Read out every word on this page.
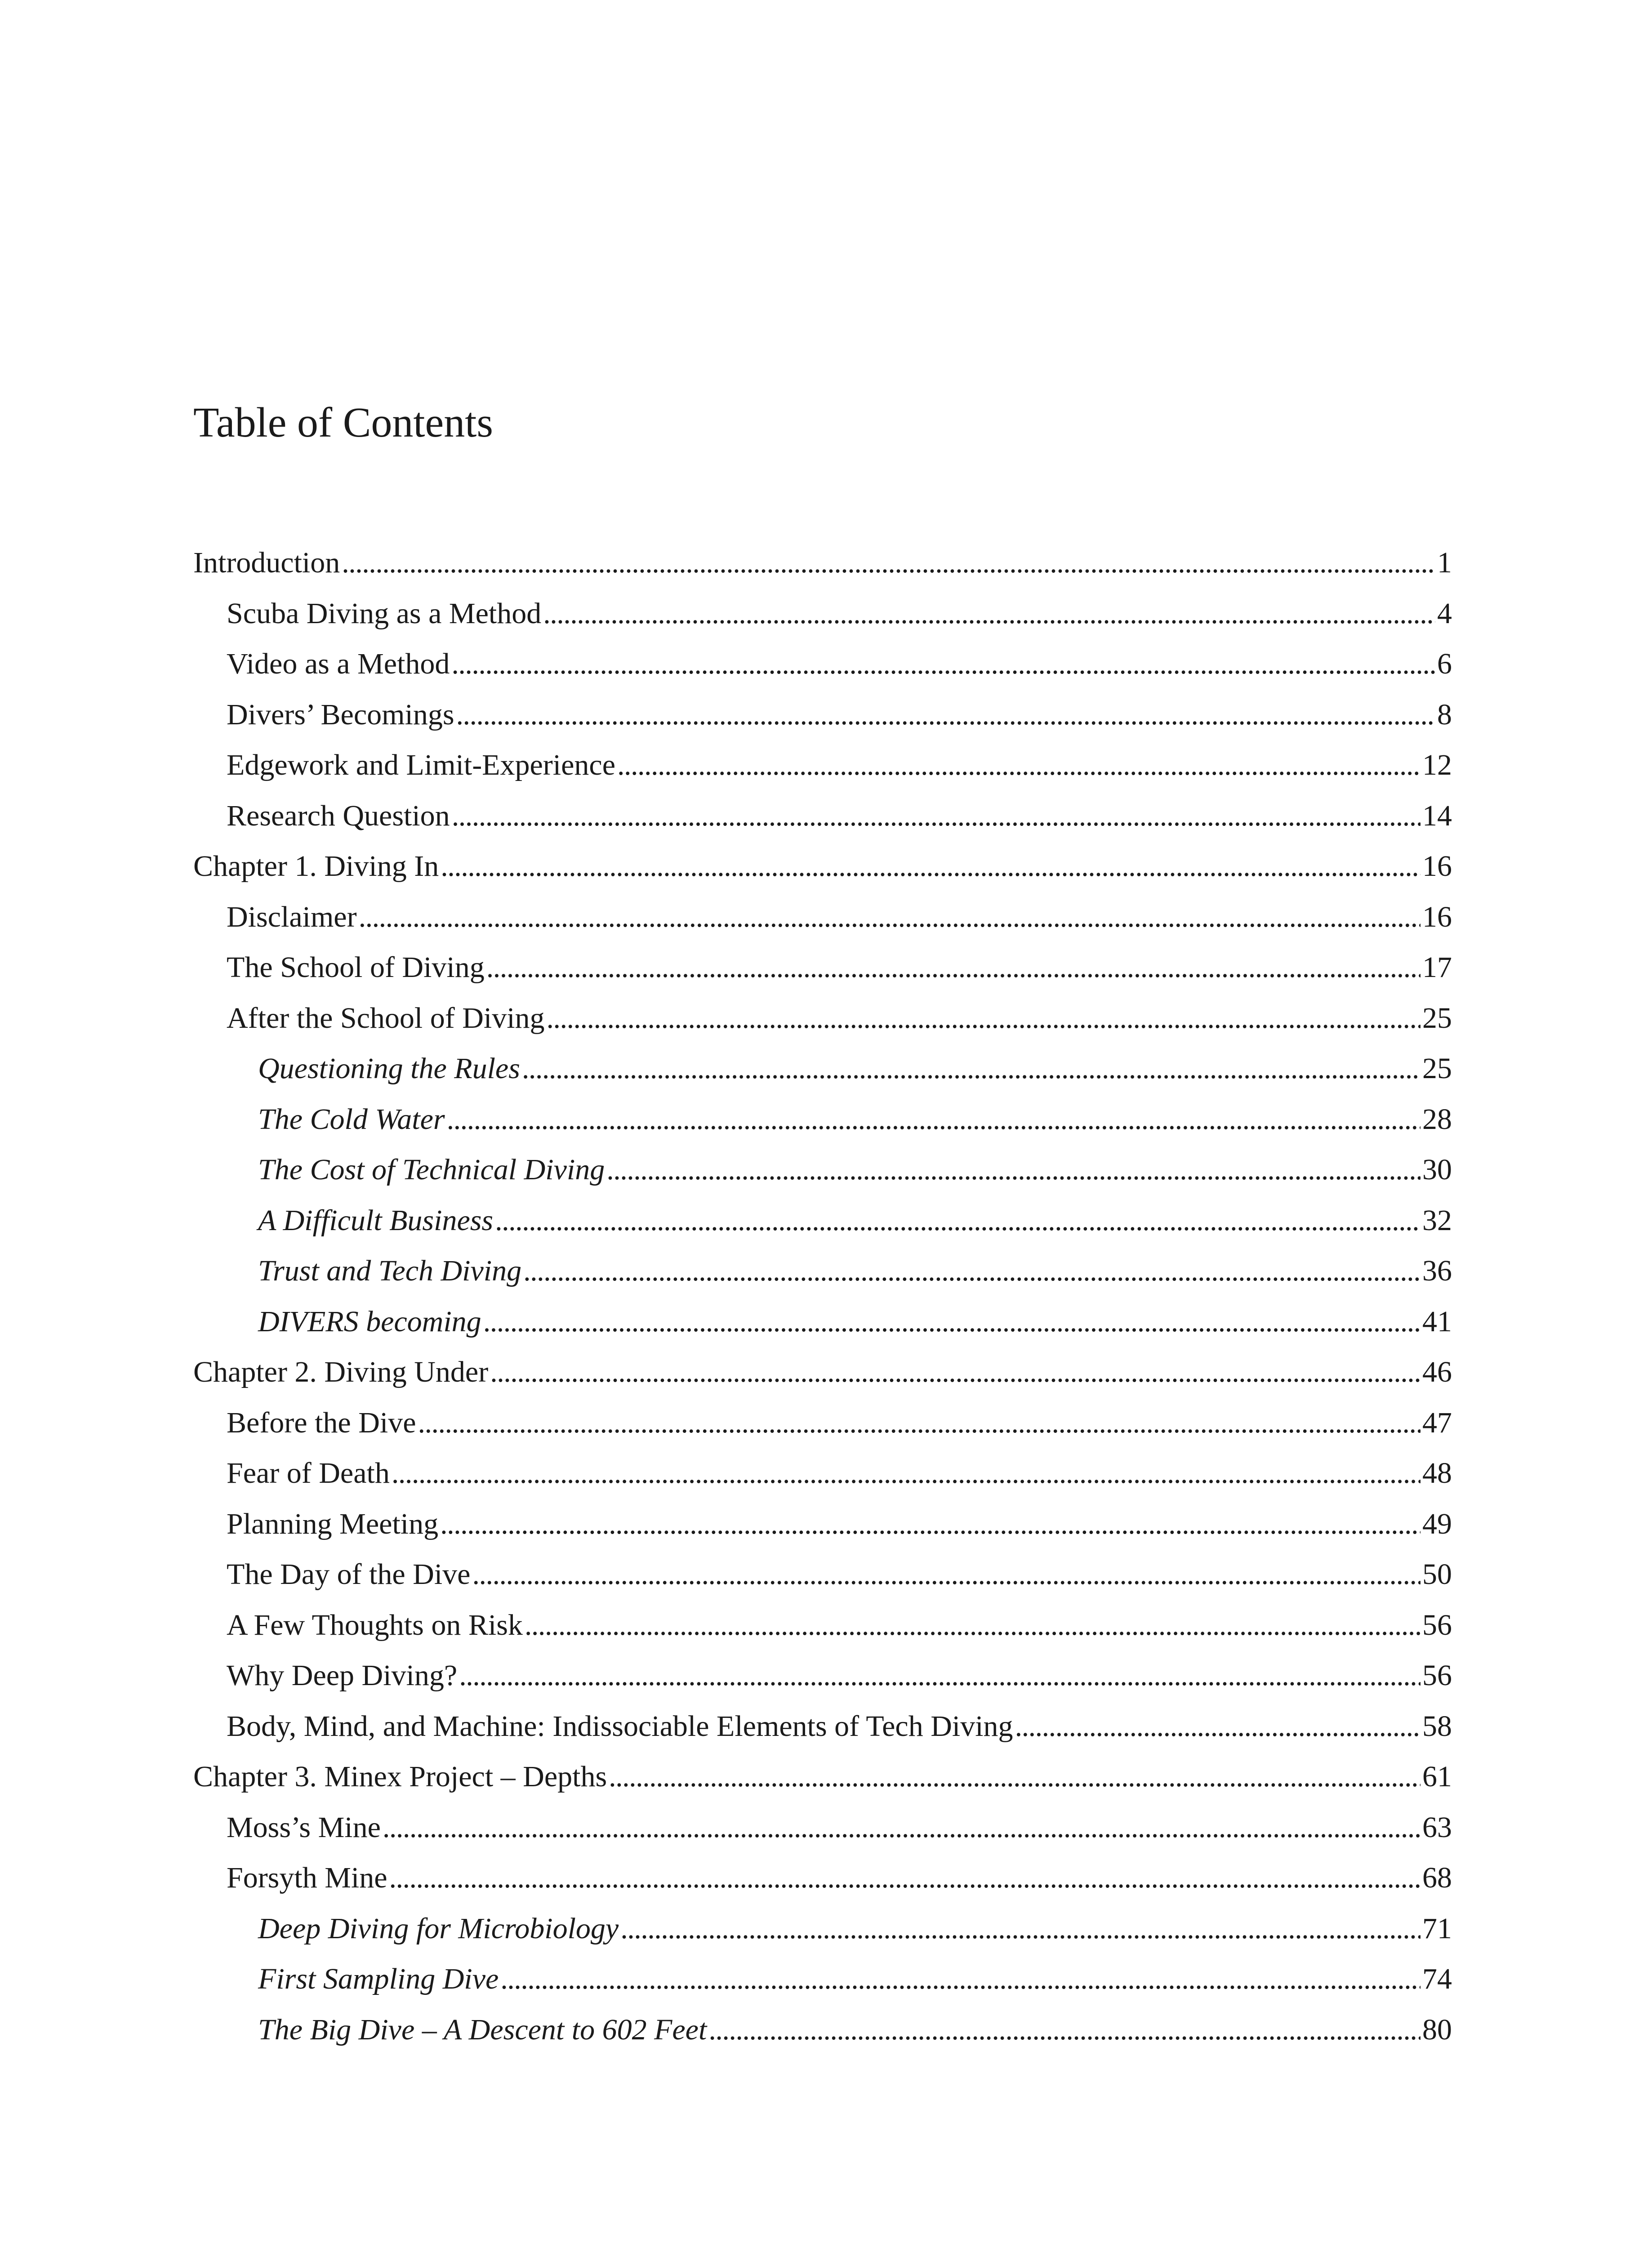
Table of Contents
Introduction . . .	1
Scuba Diving as a Method . . .	4
Video as a Method . . .	6
Divers’ Becomings . . .	8
Edgework and Limit-Experience . . .	12
Research Question . . .	14
Chapter 1. Diving In . . .	16
Disclaimer . . .	16
The School of Diving . . .	17
After the School of Diving . . .	25
Questioning the Rules . . .	25
The Cold Water . . .	28
The Cost of Technical Diving . . .	30
A Difficult Business . . .	32
Trust and Tech Diving . . .	36
DIVERS becoming . . .	41
Chapter 2. Diving Under . . .	46
Before the Dive . . .	47
Fear of Death . . .	48
Planning Meeting . . .	49
The Day of the Dive . . .	50
A Few Thoughts on Risk . . .	56
Why Deep Diving? . . .	56
Body, Mind, and Machine: Indissociable Elements of Tech Diving . . .	58
Chapter 3. Minex Project – Depths . . .	61
Moss’s Mine . . .	63
Forsyth Mine . . .	68
Deep Diving for Microbiology . . .	71
First Sampling Dive . . .	74
The Big Dive – A Descent to 602 Feet . . .	80
